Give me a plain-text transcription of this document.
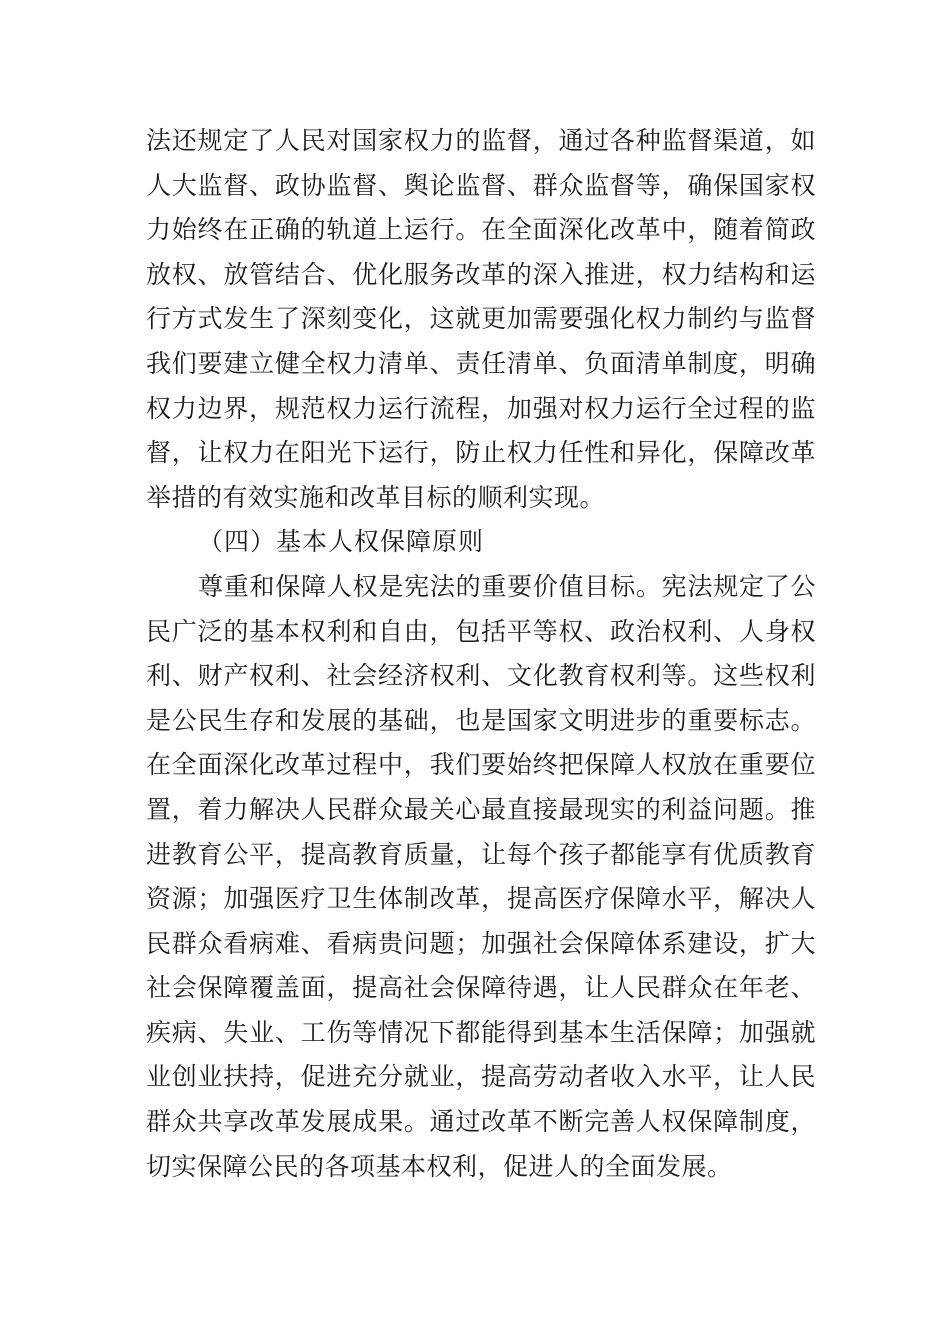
法还规定了人民对国家权力的监督，通过各种监督渠道，如
人大监督、政协监督、舆论监督、群众监督等，确保国家权
力始终在正确的轨道上运行。在全面深化改革中，随着简政
放权、放管结合、优化服务改革的深入推进，权力结构和运
行方式发生了深刻变化，这就更加需要强化权力制约与监督
我们要建立健全权力清单、责任清单、负面清单制度，明确
权力边界，规范权力运行流程，加强对权力运行全过程的监
督，让权力在阳光下运行，防止权力任性和异化，保障改革
举措的有效实施和改革目标的顺利实现。
（四）基本人权保障原则
尊重和保障人权是宪法的重要价值目标。宪法规定了公
民广泛的基本权利和自由，包括平等权、政治权利、人身权
利、财产权利、社会经济权利、文化教育权利等。这些权利
是公民生存和发展的基础，也是国家文明进步的重要标志。
在全面深化改革过程中，我们要始终把保障人权放在重要位
置，着力解决人民群众最关心最直接最现实的利益问题。推
进教育公平，提高教育质量，让每个孩子都能享有优质教育
资源；加强医疗卫生体制改革，提高医疗保障水平，解决人
民群众看病难、看病贵问题；加强社会保障体系建设，扩大
社会保障覆盖面，提高社会保障待遇，让人民群众在年老、
疾病、失业、工伤等情况下都能得到基本生活保障；加强就
业创业扶持，促进充分就业，提高劳动者收入水平，让人民
群众共享改革发展成果。通过改革不断完善人权保障制度，
切实保障公民的各项基本权利，促进人的全面发展。
